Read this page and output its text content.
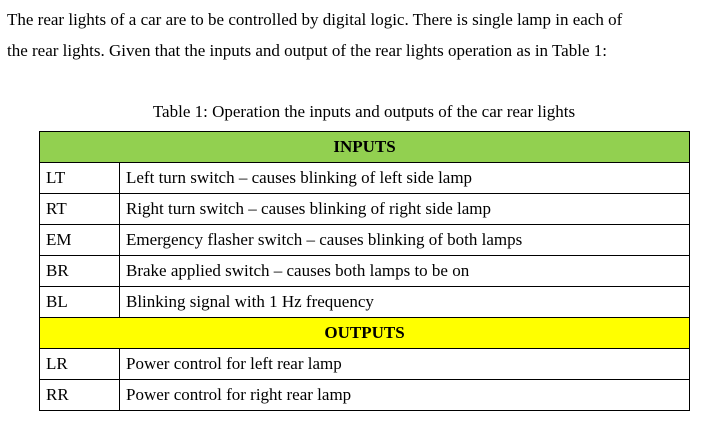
The rear lights of a car are to be controlled by digital logic. There is single lamp in each of
the rear lights. Given that the inputs and output of the rear lights operation as in Table 1:

Table 1: Operation the inputs and outputs of the car rear lights
INPUTS	
LT	Left turn switch – causes blinking of left side lamp
RT	Right turn switch – causes blinking of right side lamp
EM	Emergency flasher switch – causes blinking of both lamps
BR	Brake applied switch – causes both lamps to be on
BL	Blinking signal with 1 Hz frequency
OUTPUTS	
LR	Power control for left rear lamp
RR	Power control for right rear lamp
